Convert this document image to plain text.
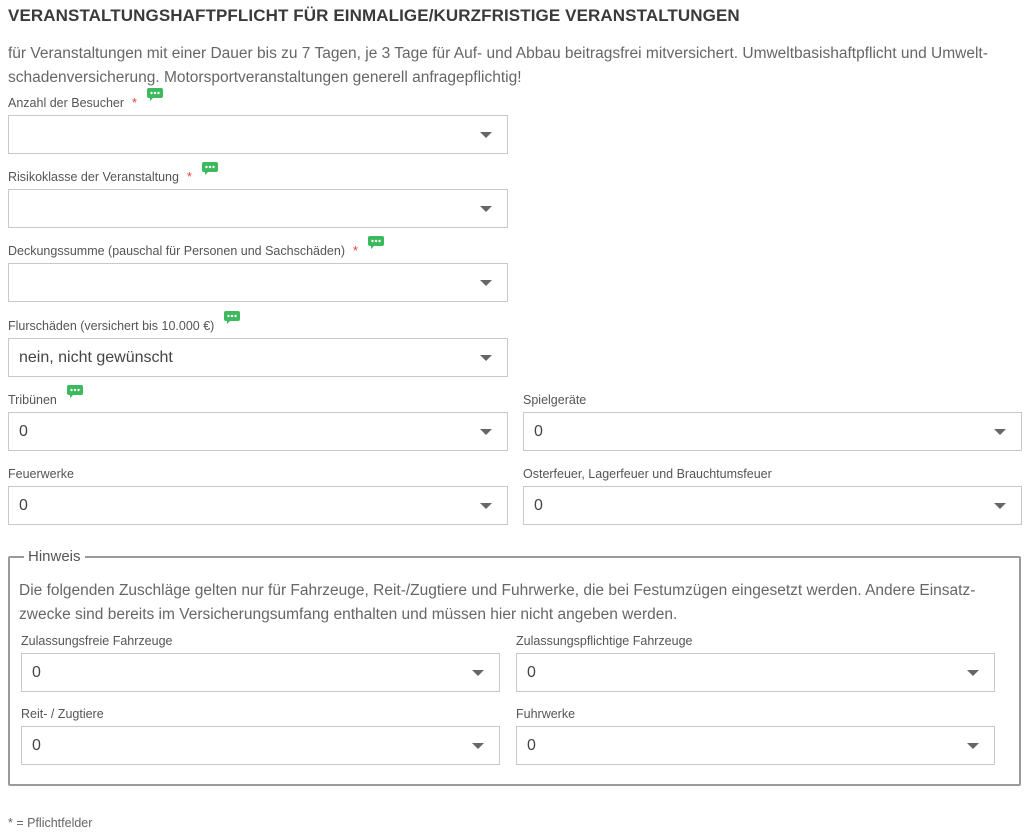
VERANSTALTUNGSHAFTPFLICHT FÜR EINMALIGE/KURZFRISTIGE VERANSTALTUNGEN

für Veranstaltungen mit einer Dauer bis zu 7 Tagen, je 3 Tage für Auf- und Abbau beitragsfrei mitversichert. Umweltbasishaftpflicht und Umwelt-
schadenversicherung. Motorsportveranstaltungen generell anfragepflichtig!

Anzahl der Besucher *
Risikoklasse der Veranstaltung *
Deckungssumme (pauschal für Personen und Sachschäden) *
Flurschäden (versichert bis 10.000 €)
nein, nicht gewünscht
Tribünen
0
Spielgeräte
0
Feuerwerke
0
Osterfeuer, Lagerfeuer und Brauchtumsfeuer
0
Hinweis

Die folgenden Zuschläge gelten nur für Fahrzeuge, Reit-/Zugtiere und Fuhrwerke, die bei Festumzügen eingesetzt werden. Andere Einsatz-
zwecke sind bereits im Versicherungsumfang enthalten und müssen hier nicht angeben werden.

Zulassungsfreie Fahrzeuge
0
Zulassungspflichtige Fahrzeuge
0
Reit- / Zugtiere
0
Fuhrwerke
0
* = Pflichtfelder
